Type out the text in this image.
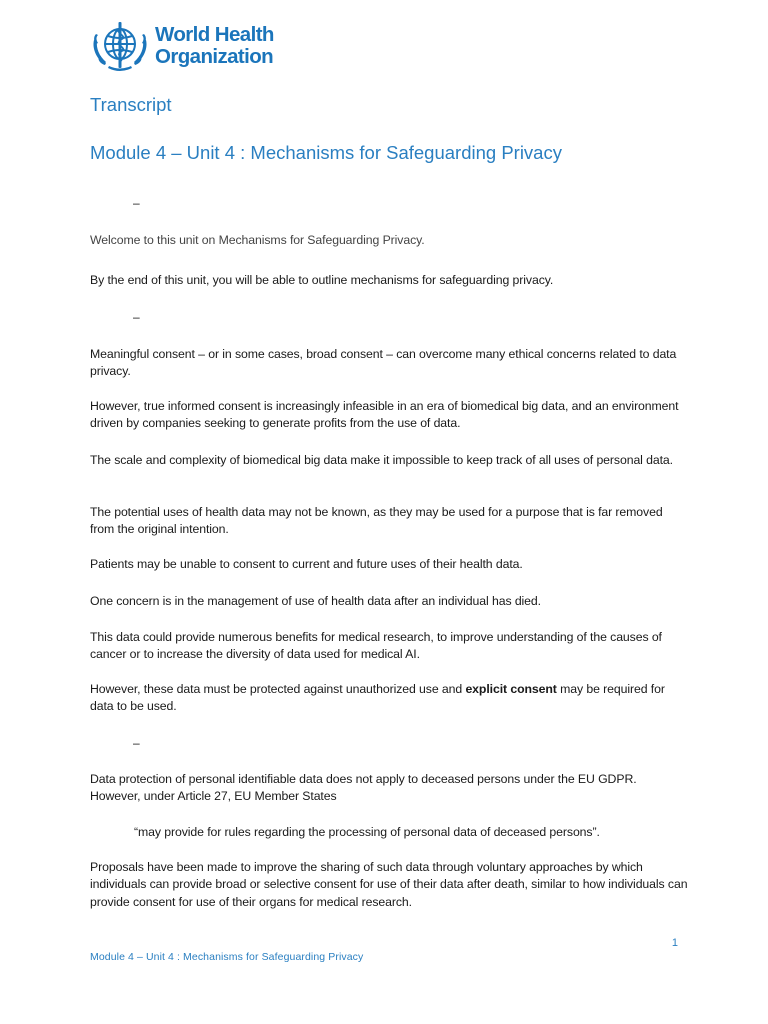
World Health
Organization
Transcript
Module 4 – Unit 4 : Mechanisms for Safeguarding Privacy

–

Welcome to this unit on Mechanisms for Safeguarding Privacy.

By the end of this unit, you will be able to outline mechanisms for safeguarding privacy.

–

Meaningful consent – or in some cases, broad consent – can overcome many ethical concerns related to data privacy.

However, true informed consent is increasingly infeasible in an era of biomedical big data, and an environment driven by companies seeking to generate profits from the use of data.

The scale and complexity of biomedical big data make it impossible to keep track of all uses of personal data.

The potential uses of health data may not be known, as they may be used for a purpose that is far removed from the original intention.

Patients may be unable to consent to current and future uses of their health data.

One concern is in the management of use of health data after an individual has died.

This data could provide numerous benefits for medical research, to improve understanding of the causes of cancer or to increase the diversity of data used for medical AI.

However, these data must be protected against unauthorized use and explicit consent may be required for data to be used.

–

Data protection of personal identifiable data does not apply to deceased persons under the EU GDPR. However, under Article 27, EU Member States

“may provide for rules regarding the processing of personal data of deceased persons”.

Proposals have been made to improve the sharing of such data through voluntary approaches by which individuals can provide broad or selective consent for use of their data after death, similar to how individuals can provide consent for use of their organs for medical research.

1
Module 4 – Unit 4 : Mechanisms for Safeguarding Privacy
